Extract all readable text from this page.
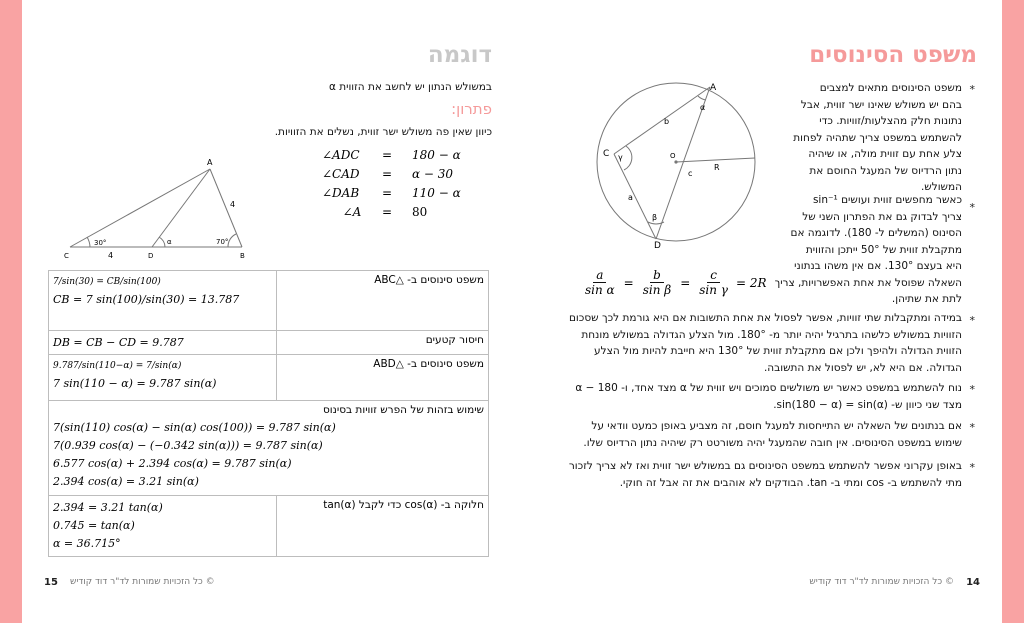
דוגמה
במשולש הנתון יש לחשב את הזווית α
פתרון:
כיוון שאין פה משולש ישר זווית, נשלים את הזוויות.
∠ADC	=	180 − α
∠CAD	=	α − 30
∠DAB	=	110 − α
∠A	=	80
A
B
C	D
4
4
30°	α	70°
7/sin(30) = CB/sin(100)
CB = 7 sin(100)/sin(30) = 13.787	משפט סינוסים ב- △ABC

DB = CB − CD = 9.787	חיסור קטעים

9.787/sin(110−α) = 7/sin(α)
7 sin(110 − α) = 9.787 sin(α)	משפט סינוסים ב- △ABD

שימוש בזהות של הפרש זוויות בסינוס
7(sin(110) cos(α) − sin(α) cos(100)) = 9.787 sin(α)
7(0.939 cos(α) − (−0.342 sin(α))) = 9.787 sin(α)
6.577 cos(α) + 2.394 cos(α) = 9.787 sin(α)
2.394 cos(α) = 3.21 sin(α)	

2.394 = 3.21 tan(α)
0.745 = tan(α)
α = 36.715°	חלוקה ב- cos(α) כדי לקבל tan(α)
© כל הזכויות שמורות לד"ר דוד קודיש
15
משפט הסינוסים
A
C
D
O
R
a
b
c
α
β
γ
$\frac{a}{\text{sin α}} = \frac{b}{\text{sin β}} = \frac{c}{\text{sin γ}} = 2R$
*
משפט הסינוסים מתאים למצבים
בהם יש משולש שאינו ישר זווית, אבל
נתונות חלק מהצלעות/זוויות. כדי
להשתמש במשפט צריך שתהיה לפחות
צלע אחת עם זווית מולה, או שיהיה
נתון הרדיוס של המעגל החוסם את
המשולש.
*
כאשר מחפשים זווית ועושים sin⁻¹
צריך לבדוק גם את הפתרון השני של
הסינוס (המשלים ל- 180). לדוגמה אם
מתקבלת זווית של 50° ייתכן והזווית
היא בעצם 130°. אם אין משהו בנתוני
השאלה שפוסל את אחת האפשרויות, צריך
לתת את שתיהן.
*
במידה ומתקבלות שתי זוויות, אפשר לפסול את אחת התשובות אם היא גורמת לכך שסכום
הזוויות במשולש כלשהו בתרגיל יהיה יותר מ- 180°. מול הצלע הגדולה במשולש מונחת
הזווית הגדולה ולהיפך ולכן אם מתקבלת זווית של 130° היא חייבת להיות מול הצלע
הגדולה. אם היא לא, יש לפסול את התשובה.
*
נוח להשתמש במשפט כאשר יש משולשים סמוכים ויש זווית של α מצד אחד, ו- 180 − α
מצד שני כיוון ש- sin(180 − α) = sin(α).
*
אם בנתונים של השאלה יש התייחסות למעגל חוסם, זה מצביע באופן כמעט וודאי על
שימוש במשפט הסינוסים. אין חובה שהמעגל יהיה משורטט רק שיהיה נתון הרדיוס שלו.
*
באופן עקרוני אפשר להשתמש במשפט הסינוסים גם במשולש ישר זווית ואז לא צריך לזכור
מתי להשתמש ב- cos ומתי ב- tan. הבודקים לא אוהבים את זה אבל זה חוקי.
© כל הזכויות שמורות לד"ר דוד קודיש 14
